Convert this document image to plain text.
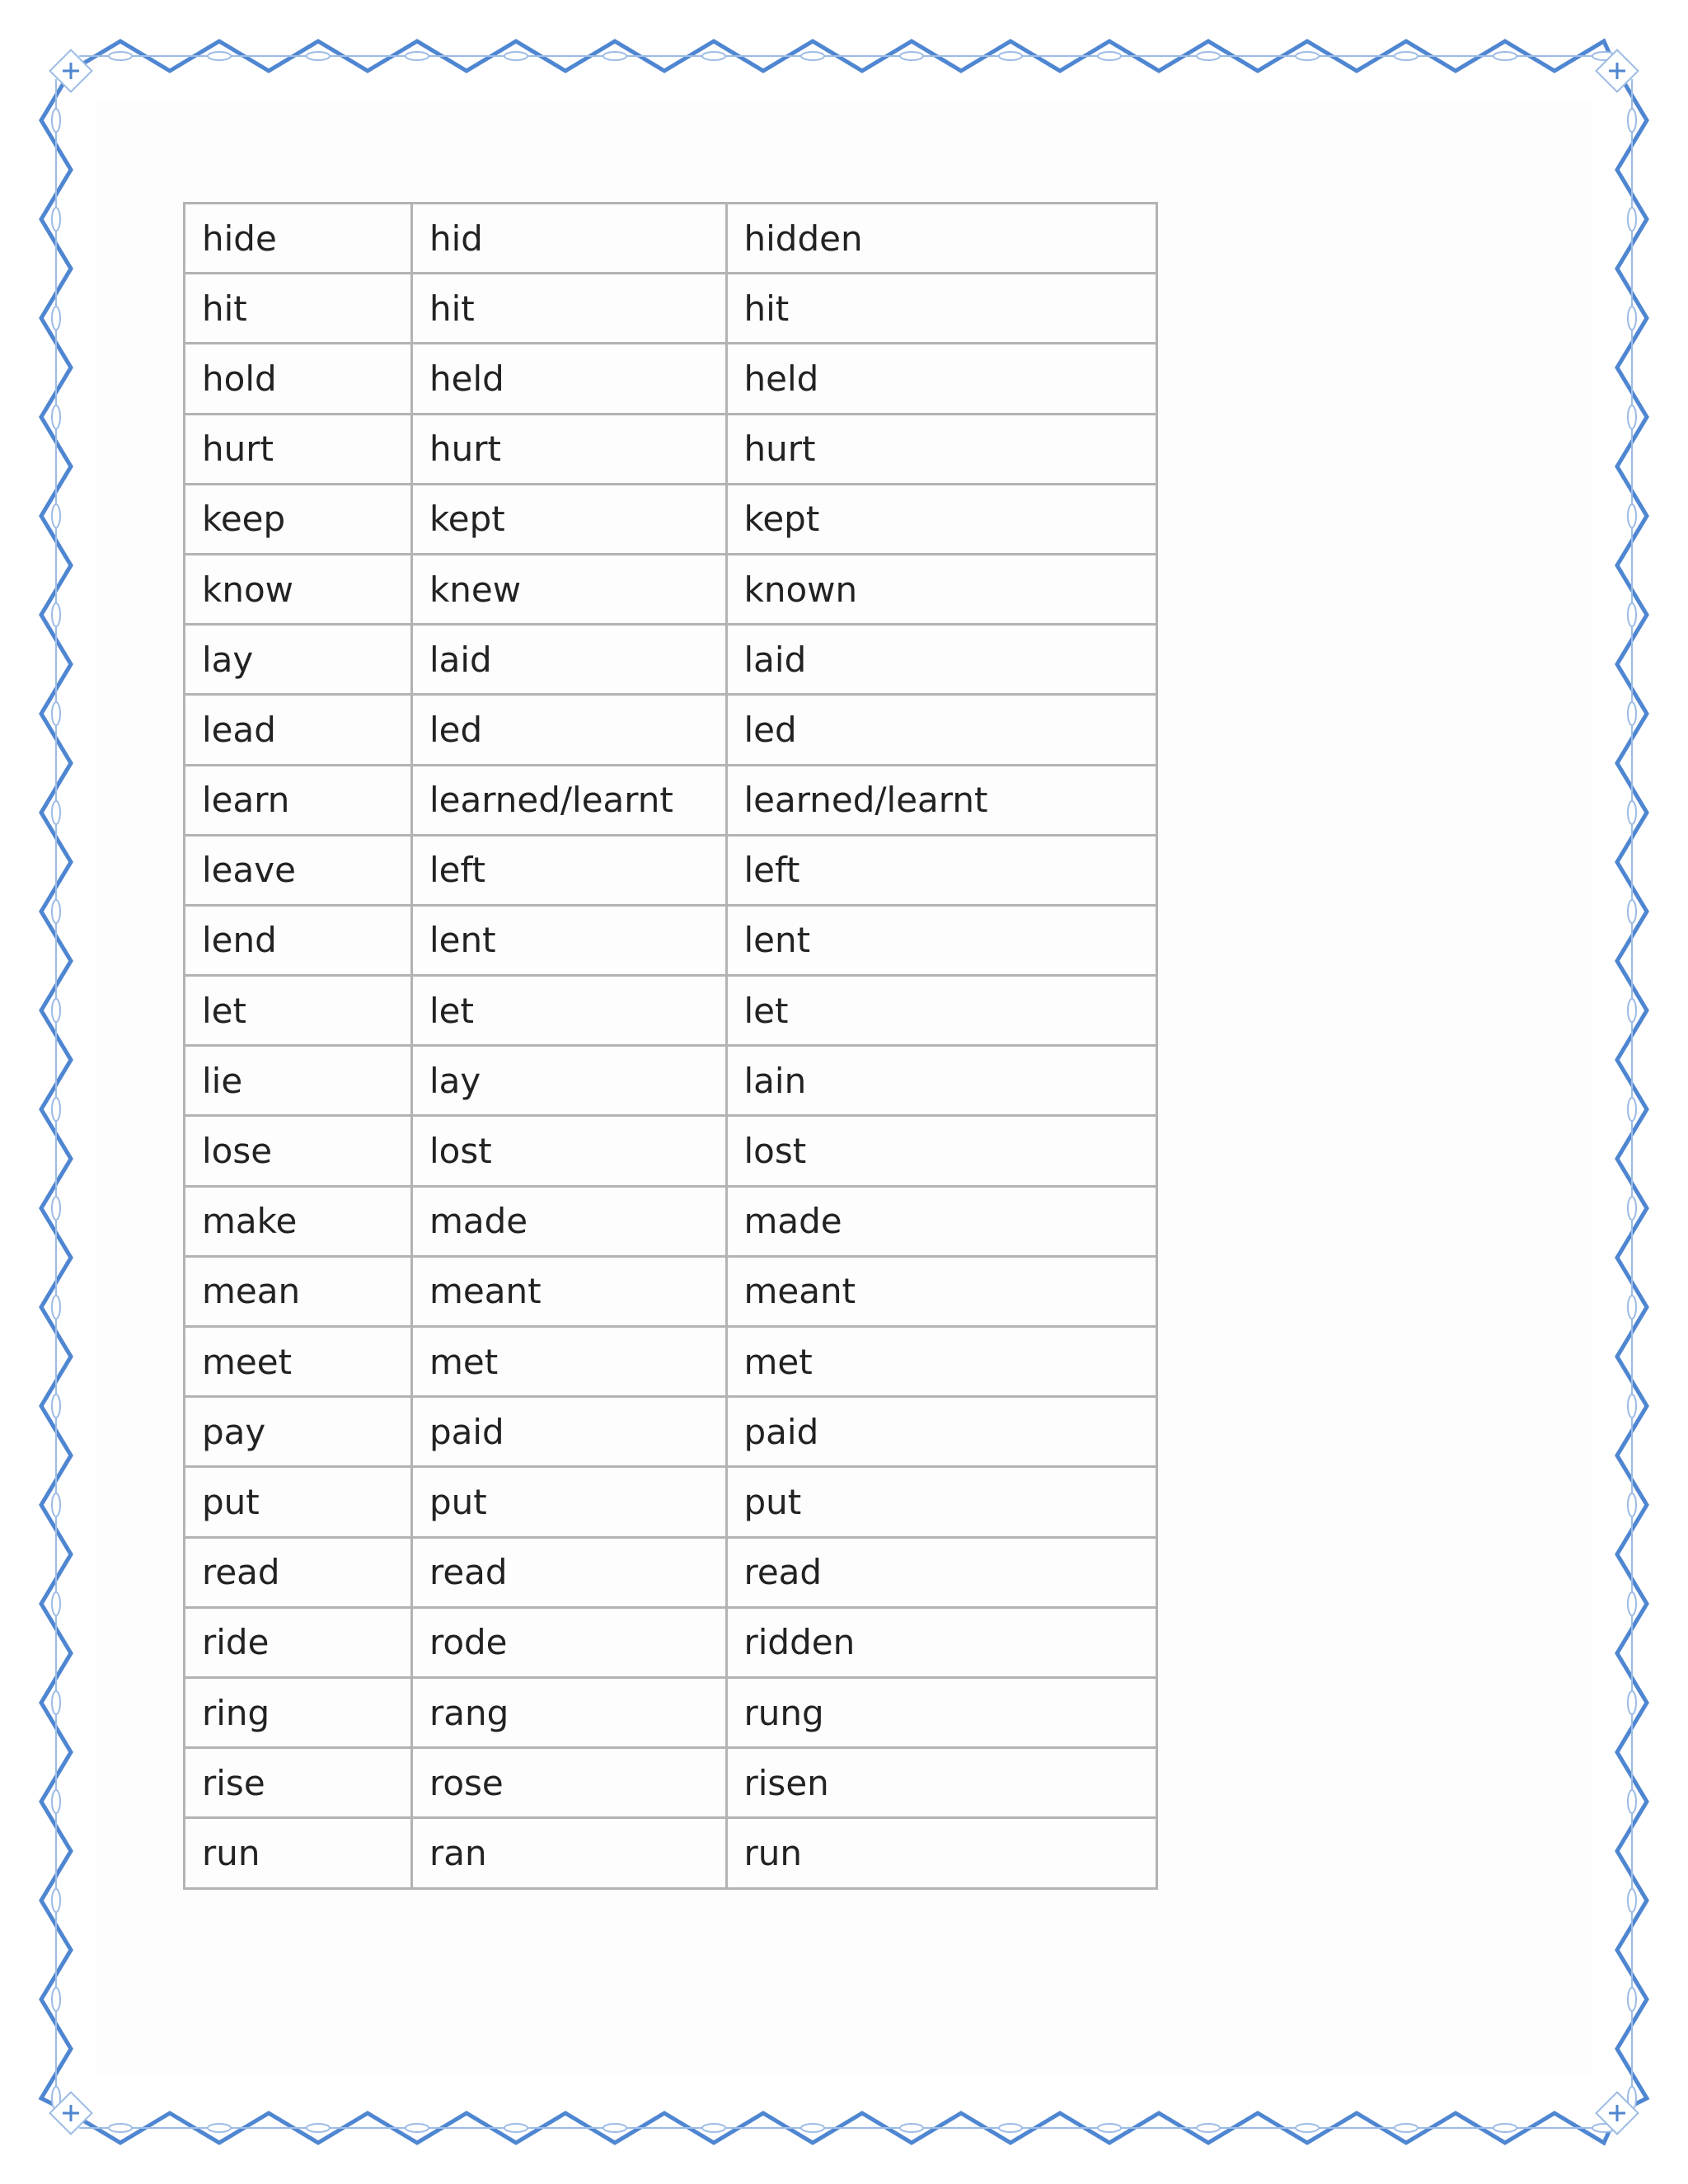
hide	hid	hidden
hit	hit	hit
hold	held	held
hurt	hurt	hurt
keep	kept	kept
know	knew	known
lay	laid	laid
lead	led	led
learn	learned/learnt	learned/learnt
leave	left	left
lend	lent	lent
let	let	let
lie	lay	lain
lose	lost	lost
make	made	made
mean	meant	meant
meet	met	met
pay	paid	paid
put	put	put
read	read	read
ride	rode	ridden
ring	rang	rung
rise	rose	risen
run	ran	run
